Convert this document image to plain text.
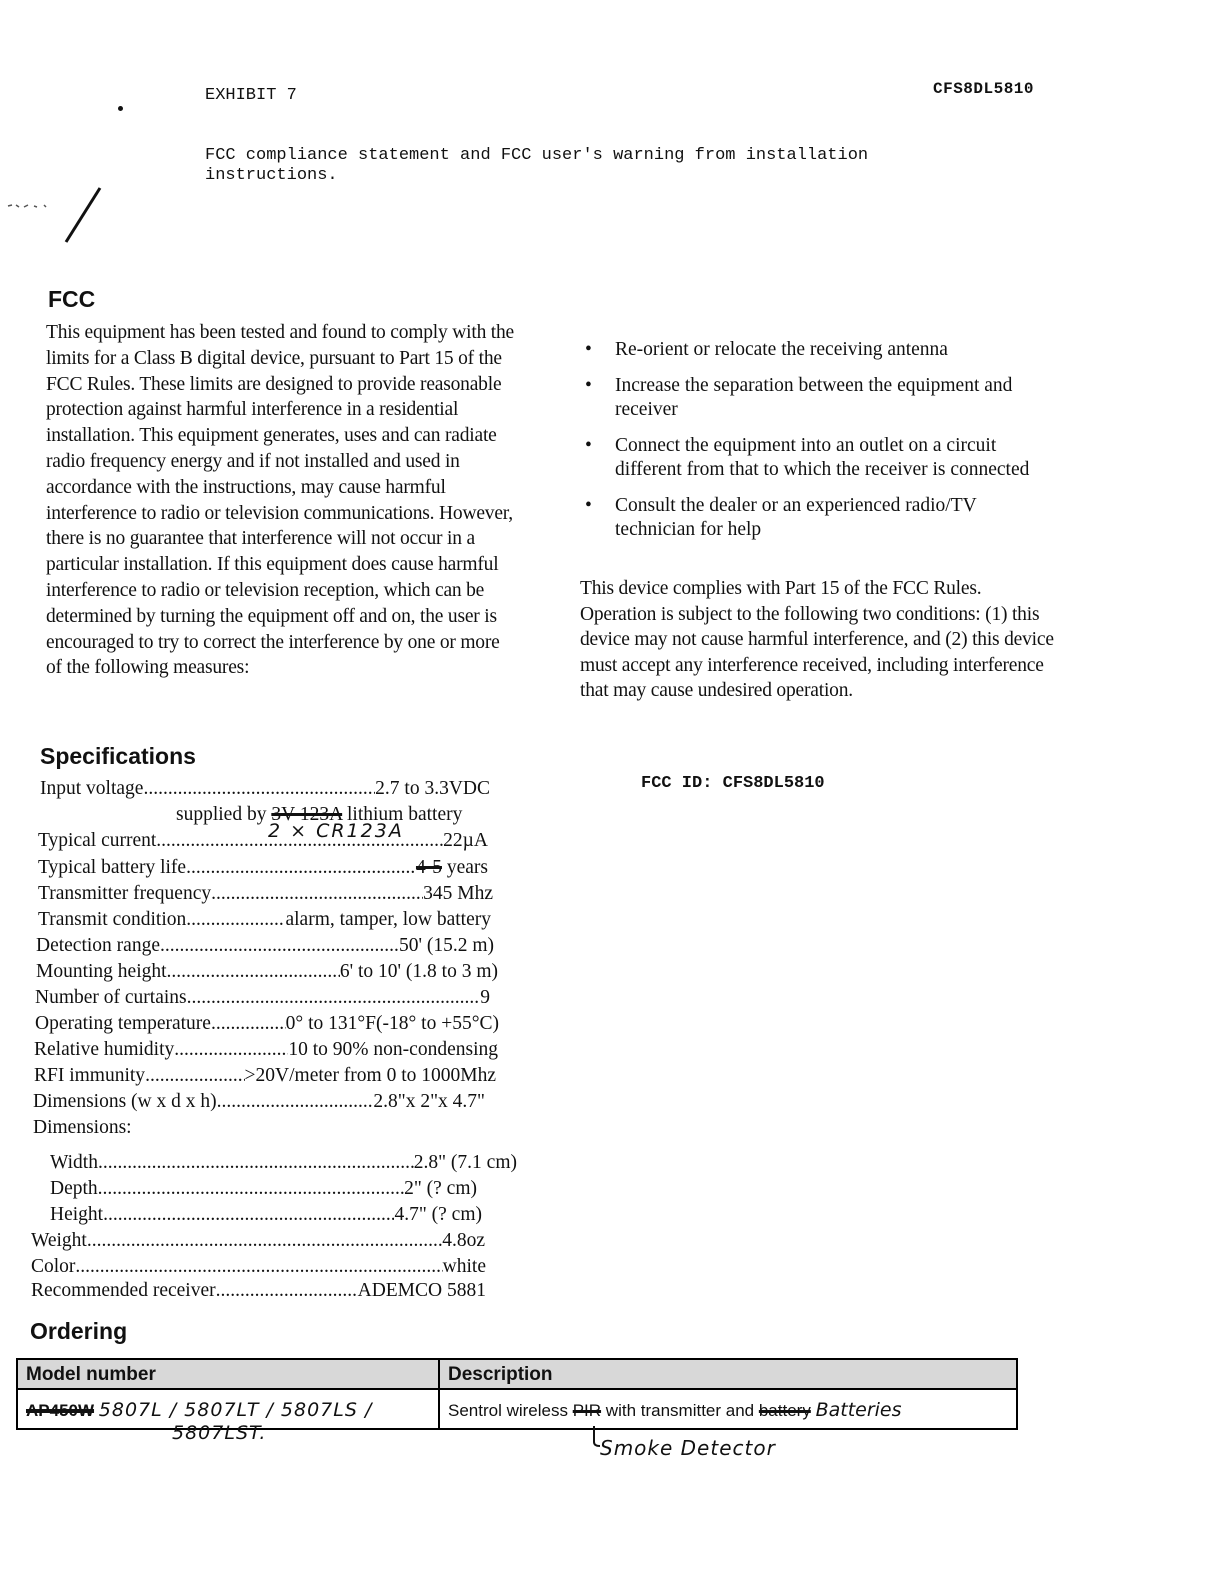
EXHIBIT 7	CFS8DL5810
FCC compliance statement and FCC user's warning from installation instructions.
FCC
This equipment has been tested and found to comply with the limits for a Class B digital device, pursuant to Part 15 of the FCC Rules. These limits are designed to provide reasonable protection against harmful interference in a residential installation. This equipment generates, uses and can radiate radio frequency energy and if not installed and used in accordance with the instructions, may cause harmful interference to radio or television communications. However, there is no guarantee that interference will not occur in a particular installation. If this equipment does cause harmful interference to radio or television reception, which can be determined by turning the equipment off and on, the user is encouraged to try to correct the interference by one or more of the following measures:
• Re-orient or relocate the receiving antenna
• Increase the separation between the equipment and receiver
• Connect the equipment into an outlet on a circuit different from that to which the receiver is connected
• Consult the dealer or an experienced radio/TV technician for help
This device complies with Part 15 of the FCC Rules. Operation is subject to the following two conditions: (1) this device may not cause harmful interference, and (2) this device must accept any interference received, including interference that may cause undesired operation.
FCC ID: CFS8DL5810
Specifications
Input voltage .....	2.7 to 3.3VDC
supplied by 3V-123A lithium battery
2 × CR123A
Typical current .....	22µA
Typical battery life .....	4-5 years
Transmitter frequency .....	345 Mhz
Transmit condition .....	alarm, tamper, low battery
Detection range .....	50' (15.2 m)
Mounting height .....	6' to 10' (1.8 to 3 m)
Number of curtains .....	9
Operating temperature .....	0° to 131°F(-18° to +55°C)
Relative humidity .....	10 to 90% non-condensing
RFI immunity .....	>20V/meter from 0 to 1000Mhz
Dimensions (w x d x h) .....	2.8"x 2"x 4.7"
Dimensions:
Width .....	2.8" (7.1 cm)
Depth .....	2" (? cm)
Height .....	4.7" (? cm)
Weight .....	4.8oz
Color .....	white
Recommended receiver .....	ADEMCO 5881
Ordering
Model number	Description
AP450W 5807L / 5807LT / 5807LS /	Sentrol wireless PIR with transmitter and battery Batteries
5807LST.
Smoke Detector
